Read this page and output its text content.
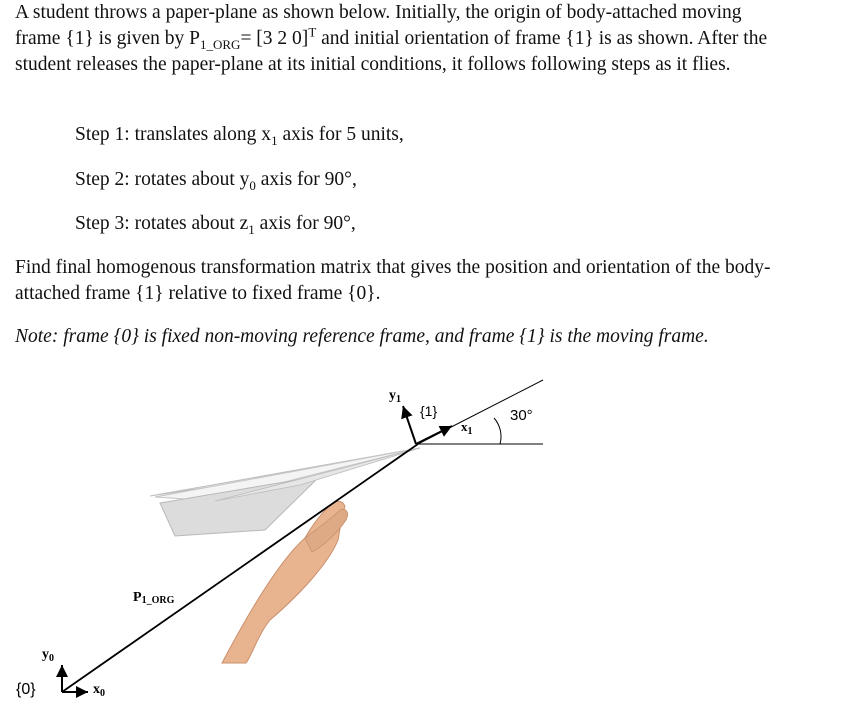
A student throws a paper-plane as shown below. Initially, the origin of body-attached moving frame {1} is given by $P_{1\_ORG}= [3$ 2 0]$^T$ and initial orientation of frame {1} is as shown. After the student releases the paper-plane at its initial conditions, it follows following steps as it flies.

Step 1: translates along $x_1$ axis for 5 units,

Step 2: rotates about $y_0$ axis for 90°,

Step 3: rotates about $z_1$ axis for 90°,

Find final homogenous transformation matrix that gives the position and orientation of the body-attached frame {1} relative to fixed frame {0}.

Note: frame {0} is fixed non-moving reference frame, and frame {1} is the moving frame.

{0}
$y_0$
$x_0$
P1_ORG
30°
{1}
$y_1$
$x_1$
